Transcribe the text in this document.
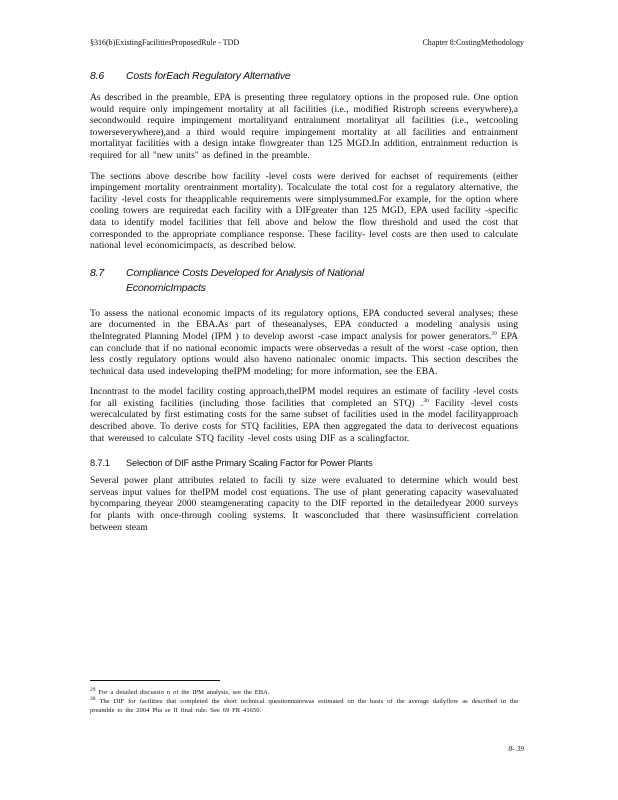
§316(b)ExistingFacilitiesProposedRule - TDD	Chapter 8:CostingMethodology
8.6 Costs forEach Regulatory Alternative

As described in the preamble, EPA is presenting three regulatory options in the proposed rule. One option would require only impingement mortality at all facilities (i.e., modified Ristroph screens everywhere),a secondwould require impingement mortalityand entrainment mortalityat all facilities (i.e., wetcooling towerseverywhere),and a third would require impingement mortality at all facilities and entrainment mortalityat facilities with a design intake flowgreater than 125 MGD.In addition, entrainment reduction is required for all "new units" as defined in the preamble.

The sections above describe how facility -level costs were derived for eachset of requirements (either impingement mortality orentrainment mortality). Tocalculate the total cost for a regulatory alternative, the facility -level costs for theapplicable requirements were simplysummed.For example, for the option where cooling towers are requiredat each facility with a DIFgreater than 125 MGD, EPA used facility -specific data to identify model facilities that fell above and below the flow threshold and used the cost that corresponded to the appropriate compliance response. These facility- level costs are then used to calculate national level economicimpacts, as described below.

8.7 Compliance Costs Developed for Analysis of National
EconomicImpacts

To assess the national economic impacts of its regulatory options, EPA conducted several analyses; these are documented in the EBA.As part of theseanalyses, EPA conducted a modeling analysis using theIntegrated Planning Model (IPM ) to develop aworst -case impact analysis for power generators.$^{29}$ EPA can conclude that if no national economic impacts were observedas a result of the worst -case option, then less costly regulatory options would also haveno nationalec onomic impacts. This section describes the technical data used indeveloping theIPM modeling; for more information, see the EBA.

Incontrast to the model facility costing approach,theIPM model requires an estimate of facility -level costs for all existing facilities (including those facilities that completed an STQ) .$^{30}$ Facility -level costs werecalculated by first estimating costs for the same subset of facilities used in the model facilityapproach described above. To derive costs for STQ facilities, EPA then aggregated the data to derivecost equations that wereused to calculate STQ facility -level costs using DIF as a scalingfactor.

8.7.1 Selection of DIF asthe Primary Scaling Factor for Power Plants

Several power plant attributes related to facili ty size were evaluated to determine which would best serveas input values for theIPM model cost equations. The use of plant generating capacity wasevaluated bycomparing theyear 2000 steamgenerating capacity to the DIF reported in the detailedyear 2000 surveys for plants with once-through cooling systems. It wasconcluded that there wasinsufficient correlation between steam

$^{29}$ For a detailed discussio n of the IPM analysis, see the EBA.
$^{30}$ The DIF for facilities that completed the short technical questionnairewas estimated on the basis of the average dailyflow as described in the preamble to the 2004 Pha se II final rule. See 69 FR 41650.
8- 39
